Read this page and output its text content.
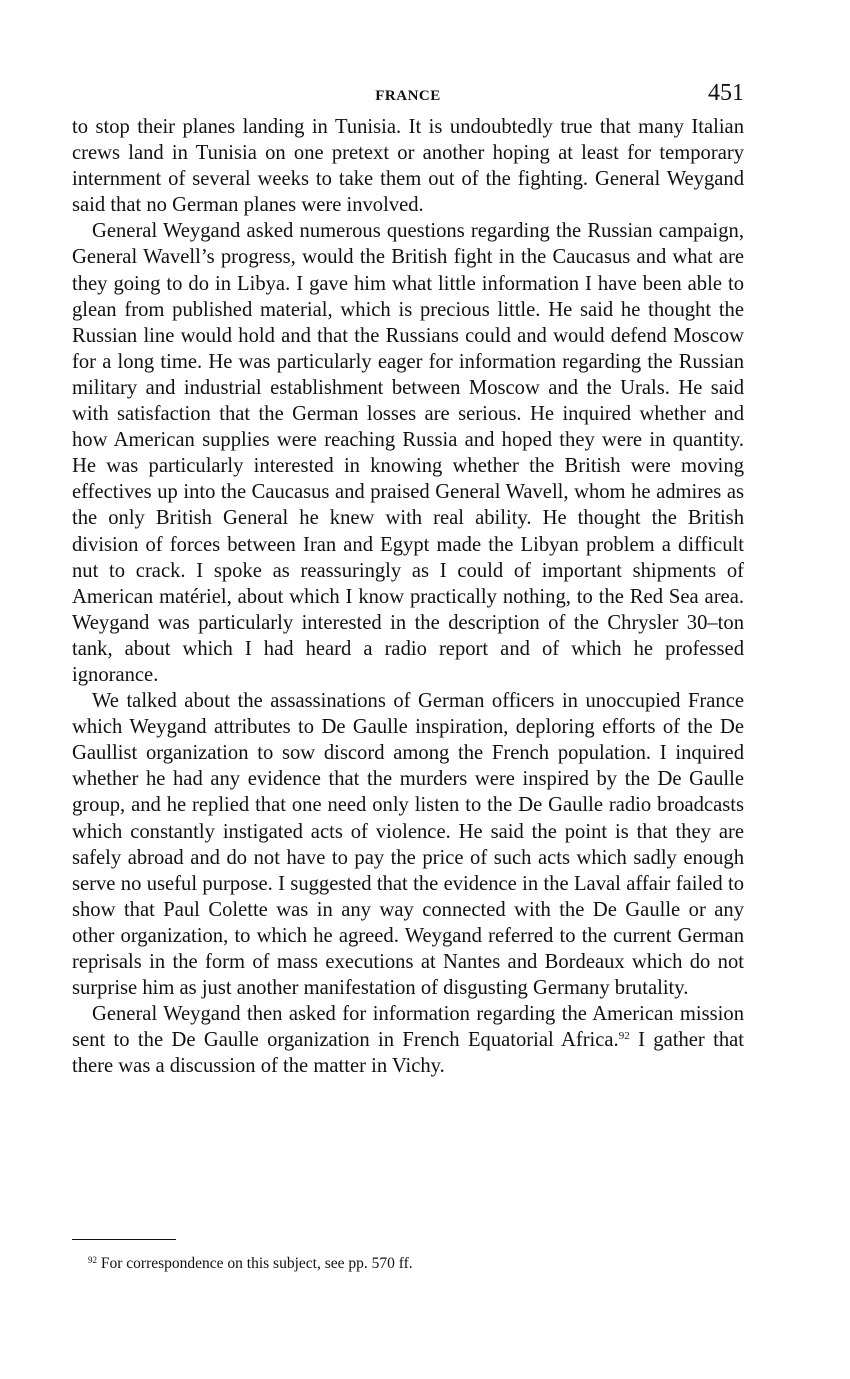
FRANCE	451

to stop their planes landing in Tunisia. It is undoubtedly true that many Italian crews land in Tunisia on one pretext or another hoping at least for temporary internment of several weeks to take them out of the fighting. General Weygand said that no German planes were involved.

General Weygand asked numerous questions regarding the Russian campaign, General Wavell’s progress, would the British fight in the Caucasus and what are they going to do in Libya. I gave him what little information I have been able to glean from published material, which is precious little. He said he thought the Russian line would hold and that the Russians could and would defend Moscow for a long time. He was particularly eager for information regarding the Russian military and industrial establishment between Moscow and the Urals. He said with satisfaction that the German losses are serious. He inquired whether and how American supplies were reaching Russia and hoped they were in quantity. He was particularly interested in knowing whether the British were moving effectives up into the Caucasus and praised General Wavell, whom he admires as the only British General he knew with real ability. He thought the British division of forces between Iran and Egypt made the Libyan problem a difficult nut to crack. I spoke as reassuringly as I could of important shipments of American matériel, about which I know practically nothing, to the Red Sea area. Weygand was particularly interested in the description of the Chrysler 30–ton tank, about which I had heard a radio report and of which he professed ignorance.

We talked about the assassinations of German officers in unoccupied France which Weygand attributes to De Gaulle inspiration, deploring efforts of the De Gaullist organization to sow discord among the French population. I inquired whether he had any evidence that the murders were inspired by the De Gaulle group, and he replied that one need only listen to the De Gaulle radio broadcasts which constantly instigated acts of violence. He said the point is that they are safely abroad and do not have to pay the price of such acts which sadly enough serve no useful purpose. I suggested that the evidence in the Laval affair failed to show that Paul Colette was in any way connected with the De Gaulle or any other organization, to which he agreed. Weygand referred to the current German reprisals in the form of mass executions at Nantes and Bordeaux which do not surprise him as just another manifestation of disgusting Germany brutality.

General Weygand then asked for information regarding the American mission sent to the De Gaulle organization in French Equatorial Africa.$^{92}$ I gather that there was a discussion of the matter in Vichy.

$^{92}$ For correspondence on this subject, see pp. 570 ff.
